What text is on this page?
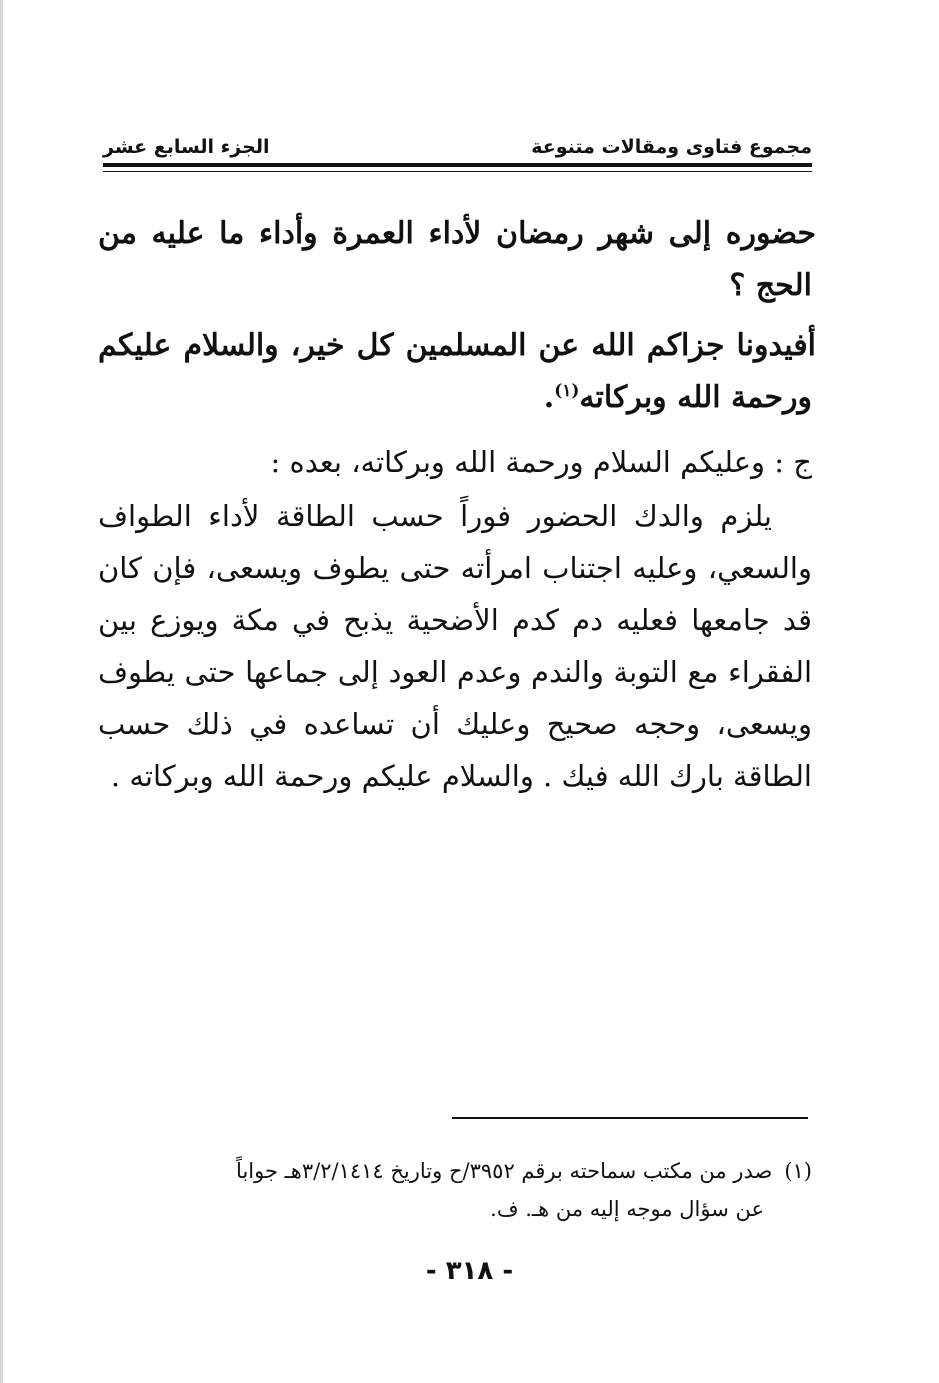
مجموع فتاوى ومقالات متنوعة
الجزء السابع عشر

حضوره إلى شهر رمضان لأداء العمرة وأداء ما عليه من الحج ؟

أفيدونا جزاكم الله عن المسلمين كل خير، والسلام عليكم ورحمة الله وبركاته$^{(١)}$.

ج : وعليكم السلام ورحمة الله وبركاته، بعده :

يلزم والدك الحضور فوراً حسب الطاقة لأداء الطواف والسعي، وعليه اجتناب امرأته حتى يطوف ويسعى، فإن كان قد جامعها فعليه دم كدم الأضحية يذبح في مكة ويوزع بين الفقراء مع التوبة والندم وعدم العود إلى جماعها حتى يطوف ويسعى، وحجه صحيح وعليك أن تساعده في ذلك حسب الطاقة بارك الله فيك . والسلام عليكم ورحمة الله وبركاته .

(١)صدر من مكتب سماحته برقم ٣٩٥٢/ح وتاريخ ٣/٢/١٤١٤هـ جواباً
عن سؤال موجه إليه من هـ. ف.
- ٣١٨ -
